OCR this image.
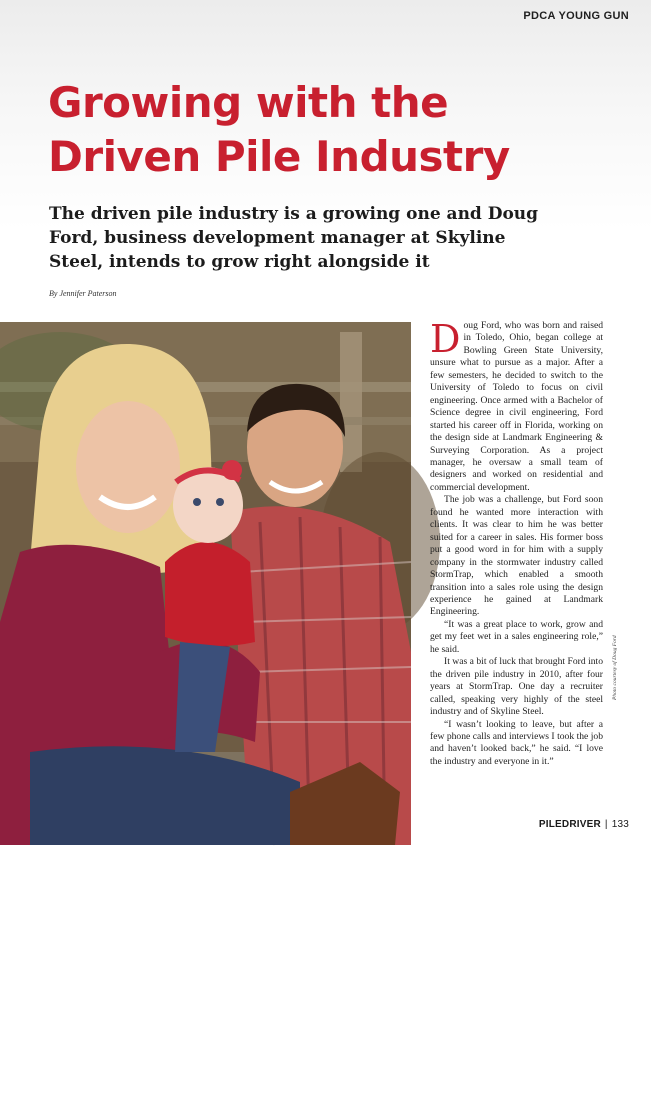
PDCA YOUNG GUN
Growing with the Driven Pile Industry
The driven pile industry is a growing one and Doug Ford, business development manager at Skyline Steel, intends to grow right alongside it

By Jennifer Paterson

Doug Ford with his wife and daughter

Doug Ford, who was born and raised in Toledo, Ohio, began college at Bowling Green State University, unsure what to pursue as a major. After a few semesters, he decided to switch to the University of Toledo to focus on civil engineering. Once armed with a Bachelor of Science degree in civil engineering, Ford started his career off in Florida, working on the design side at Landmark Engineering & Surveying Corporation. As a project manager, he oversaw a small team of designers and worked on residential and commercial development.

The job was a challenge, but Ford soon found he wanted more interaction with clients. It was clear to him he was better suited for a career in sales. His former boss put a good word in for him with a supply company in the stormwater industry called StormTrap, which enabled a smooth transition into a sales role using the design experience he gained at Landmark Engineering.

“It was a great place to work, grow and get my feet wet in a sales engineering role,” he said.

It was a bit of luck that brought Ford into the driven pile industry in 2010, after four years at StormTrap. One day a recruiter called, speaking very highly of the steel industry and of Skyline Steel.

“I wasn’t looking to leave, but after a few phone calls and interviews I took the job and haven’t looked back,” he said. “I love the industry and everyone in it.”

Photo courtesy of Doug Ford
PILEDRIVER | 133
